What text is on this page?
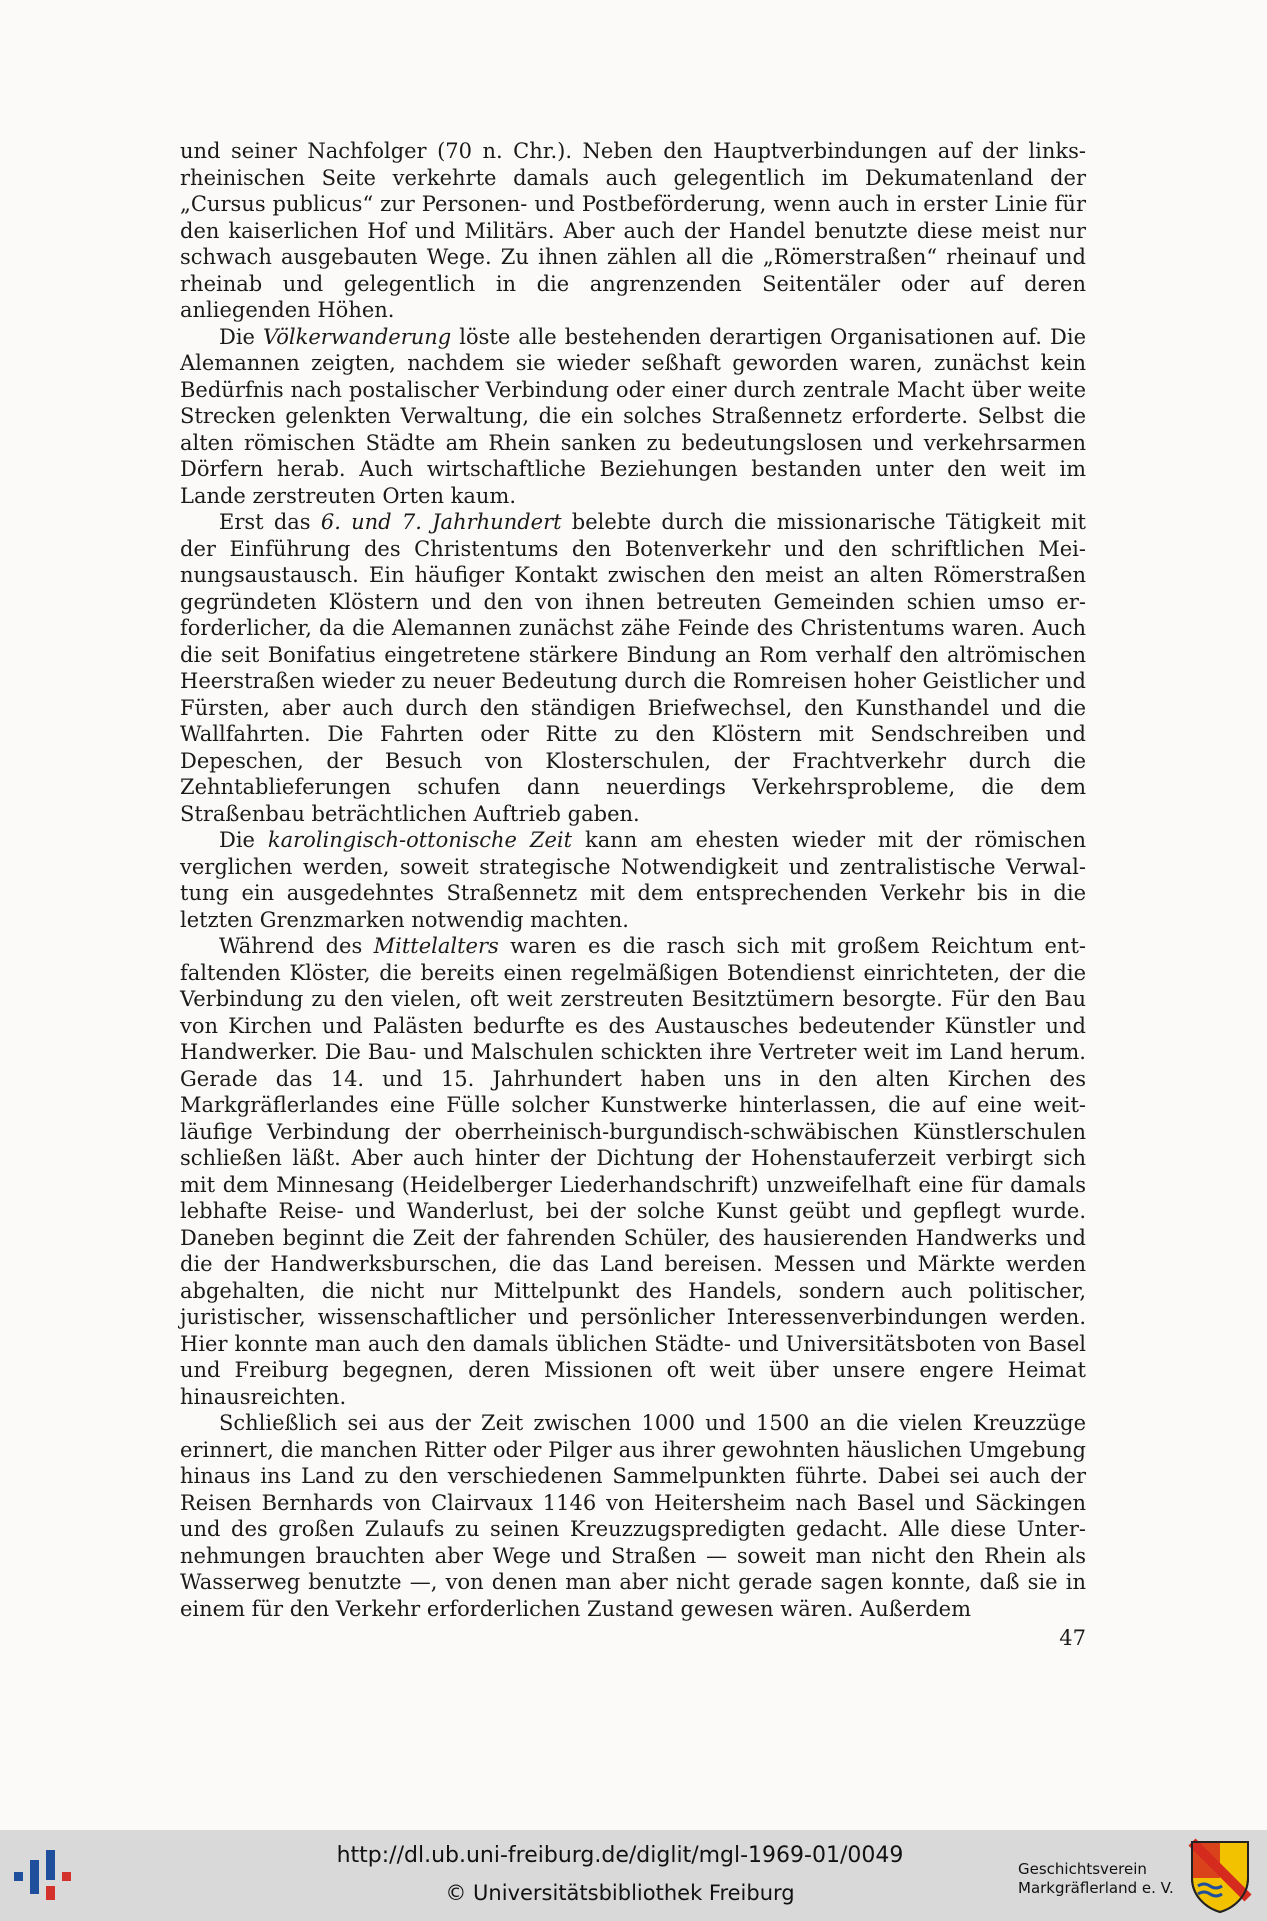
und seiner Nachfolger (70 n. Chr.). Neben den Hauptverbindungen auf der linksrheinischen Seite verkehrte damals auch gelegentlich im Dekumatenland der „Cursus publicus“ zur Personen- und Postbeförderung, wenn auch in erster Linie für den kaiserlichen Hof und Militärs. Aber auch der Handel benutzte diese meist nur schwach ausgebauten Wege. Zu ihnen zählen all die „Römerstraßen“ rheinauf und rheinab und gelegentlich in die angrenzenden Seitentäler oder auf deren anliegenden Höhen.

Die Völkerwanderung löste alle bestehenden derartigen Organisationen auf. Die Alemannen zeigten, nachdem sie wieder seßhaft geworden waren, zunächst kein Bedürfnis nach postalischer Verbindung oder einer durch zentrale Macht über weite Strecken gelenkten Verwaltung, die ein solches Straßennetz erforderte. Selbst die alten römischen Städte am Rhein sanken zu bedeutungslosen und verkehrsarmen Dörfern herab. Auch wirtschaftliche Beziehungen bestanden unter den weit im Lande zerstreuten Orten kaum.

Erst das 6. und 7. Jahrhundert belebte durch die missionarische Tätigkeit mit der Einführung des Christentums den Botenverkehr und den schriftlichen Meinungsaustausch. Ein häufiger Kontakt zwischen den meist an alten Römerstraßen gegründeten Klöstern und den von ihnen betreuten Gemeinden schien umso erforderlicher, da die Alemannen zunächst zähe Feinde des Christentums waren. Auch die seit Bonifatius eingetretene stärkere Bindung an Rom verhalf den altrömischen Heerstraßen wieder zu neuer Bedeutung durch die Romreisen hoher Geistlicher und Fürsten, aber auch durch den ständigen Briefwechsel, den Kunsthandel und die Wallfahrten. Die Fahrten oder Ritte zu den Klöstern mit Sendschreiben und Depeschen, der Besuch von Klosterschulen, der Frachtverkehr durch die Zehntablieferungen schufen dann neuerdings Verkehrsprobleme, die dem Straßenbau beträchtlichen Auftrieb gaben.

Die karolingisch-ottonische Zeit kann am ehesten wieder mit der römischen verglichen werden, soweit strategische Notwendigkeit und zentralistische Verwaltung ein ausgedehntes Straßennetz mit dem entsprechenden Verkehr bis in die letzten Grenzmarken notwendig machten.

Während des Mittelalters waren es die rasch sich mit großem Reichtum entfaltenden Klöster, die bereits einen regelmäßigen Botendienst einrichteten, der die Verbindung zu den vielen, oft weit zerstreuten Besitztümern besorgte. Für den Bau von Kirchen und Palästen bedurfte es des Austausches bedeutender Künstler und Handwerker. Die Bau- und Malschulen schickten ihre Vertreter weit im Land herum. Gerade das 14. und 15. Jahrhundert haben uns in den alten Kirchen des Markgräflerlandes eine Fülle solcher Kunstwerke hinterlassen, die auf eine weitläufige Verbindung der oberrheinisch-burgundisch-schwäbischen Künstlerschulen schließen läßt. Aber auch hinter der Dichtung der Hohenstauferzeit verbirgt sich mit dem Minnesang (Heidelberger Liederhandschrift) unzweifelhaft eine für damals lebhafte Reise- und Wanderlust, bei der solche Kunst geübt und gepflegt wurde. Daneben beginnt die Zeit der fahrenden Schüler, des hausierenden Handwerks und die der Handwerksburschen, die das Land bereisen. Messen und Märkte werden abgehalten, die nicht nur Mittelpunkt des Handels, sondern auch politischer, juristischer, wissenschaftlicher und persönlicher Interessenverbindungen werden. Hier konnte man auch den damals üblichen Städte- und Universitätsboten von Basel und Freiburg begegnen, deren Missionen oft weit über unsere engere Heimat hinausreichten.

Schließlich sei aus der Zeit zwischen 1000 und 1500 an die vielen Kreuzzüge erinnert, die manchen Ritter oder Pilger aus ihrer gewohnten häuslichen Umgebung hinaus ins Land zu den verschiedenen Sammelpunkten führte. Dabei sei auch der Reisen Bernhards von Clairvaux 1146 von Heitersheim nach Basel und Säckingen und des großen Zulaufs zu seinen Kreuzzugspredigten gedacht. Alle diese Unternehmungen brauchten aber Wege und Straßen — soweit man nicht den Rhein als Wasserweg benutzte —, von denen man aber nicht gerade sagen konnte, daß sie in einem für den Verkehr erforderlichen Zustand gewesen wären. Außerdem

47
http://dl.ub.uni-freiburg.de/diglit/mgl-1969-01/0049
© Universitätsbibliothek Freiburg
Geschichtsverein
Markgräflerland e. V.
